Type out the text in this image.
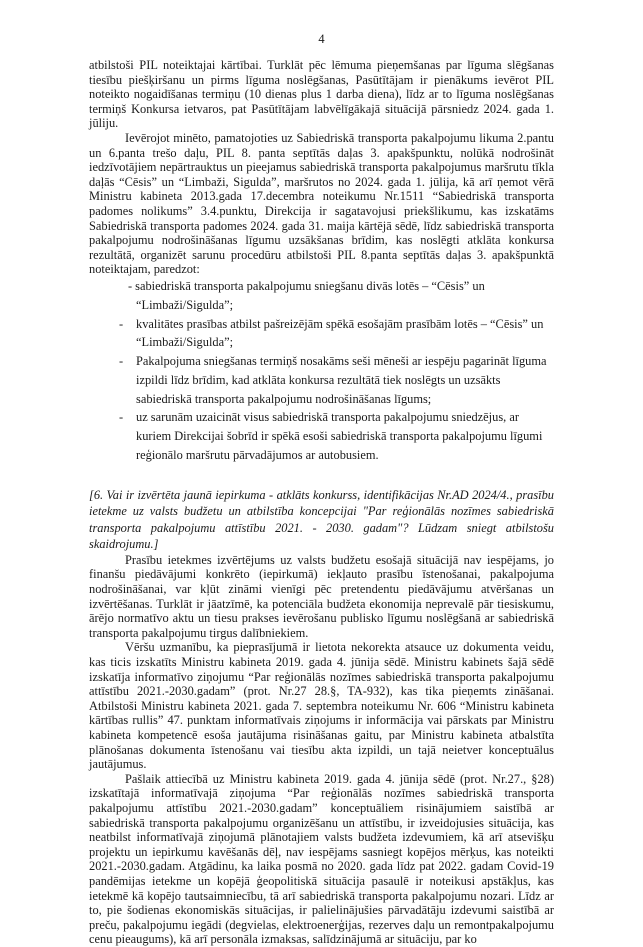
4

atbilstoši PIL noteiktajai kārtībai. Turklāt pēc lēmuma pieņemšanas par līguma slēgšanas tiesību piešķiršanu un pirms līguma noslēgšanas, Pasūtītājam ir pienākums ievērot PIL noteikto nogaidīšanas termiņu (10 dienas plus 1 darba diena), līdz ar to līguma noslēgšanas termiņš Konkursa ietvaros, pat Pasūtītājam labvēlīgākajā situācijā pārsniedz 2024. gada 1. jūliju.

Ievērojot minēto, pamatojoties uz Sabiedriskā transporta pakalpojumu likuma 2.pantu un 6.panta trešo daļu, PIL 8. panta septītās daļas 3. apakšpunktu, nolūkā nodrošināt iedzīvotājiem nepārtrauktus un pieejamus sabiedriskā transporta pakalpojumus maršrutu tīkla daļās “Cēsis” un “Limbaži, Sigulda”, maršrutos no 2024. gada 1. jūlija, kā arī ņemot vērā Ministru kabineta 2013.gada 17.decembra noteikumu Nr.1511 “Sabiedriskā transporta padomes nolikums” 3.4.punktu, Direkcija ir sagatavojusi priekšlikumu, kas izskatāms Sabiedriskā transporta padomes 2024. gada 31. maija kārtējā sēdē, līdz sabiedriskā transporta pakalpojumu nodrošināšanas līgumu uzsākšanas brīdim, kas noslēgti atklāta konkursa rezultātā, organizēt sarunu procedūru atbilstoši PIL 8.panta septītās daļas 3. apakšpunktā noteiktajam, paredzot:

- sabiedriskā transporta pakalpojumu sniegšanu divās lotēs – “Cēsis” un
“Limbaži/Sigulda”;
- kvalitātes prasības atbilst pašreizējām spēkā esošajām prasībām lotēs – “Cēsis” un “Limbaži/Sigulda”;
- Pakalpojuma sniegšanas termiņš nosakāms seši mēneši ar iespēju pagarināt līguma izpildi līdz brīdim, kad atklāta konkursa rezultātā tiek noslēgts un uzsākts sabiedriskā transporta pakalpojumu nodrošināšanas līgums;
- uz sarunām uzaicināt visus sabiedriskā transporta pakalpojumu sniedzējus, ar kuriem Direkcijai šobrīd ir spēkā esoši sabiedriskā transporta pakalpojumu līgumi reģionālo maršrutu pārvadājumos ar autobusiem.

[6. Vai ir izvērtēta jaunā iepirkuma - atklāts konkurss, identifikācijas Nr.AD 2024/4., prasību ietekme uz valsts budžetu un atbilstība koncepcijai "Par reģionālās nozīmes sabiedriskā transporta pakalpojumu attīstību 2021. - 2030. gadam"? Lūdzam sniegt atbilstošu skaidrojumu.]

Prasību ietekmes izvērtējums uz valsts budžetu esošajā situācijā nav iespējams, jo finanšu piedāvājumi konkrēto (iepirkumā) iekļauto prasību īstenošanai, pakalpojuma nodrošināšanai, var kļūt zināmi vienīgi pēc pretendentu piedāvājumu atvēršanas un izvērtēšanas. Turklāt ir jāatzīmē, ka potenciāla budžeta ekonomija neprevalē pār tiesiskumu, ārējo normatīvo aktu un tiesu prakses ievērošanu publisko līgumu noslēgšanā ar sabiedriskā transporta pakalpojumu tirgus dalībniekiem.

Vēršu uzmanību, ka pieprasījumā ir lietota nekorekta atsauce uz dokumenta veidu, kas ticis izskatīts Ministru kabineta 2019. gada 4. jūnija sēdē. Ministru kabinets šajā sēdē izskatīja informatīvo ziņojumu “Par reģionālās nozīmes sabiedriskā transporta pakalpojumu attīstību 2021.-2030.gadam” (prot. Nr.27 28.§, TA-932), kas tika pieņemts zināšanai. Atbilstoši Ministru kabineta 2021. gada 7. septembra noteikumu Nr. 606 “Ministru kabineta kārtības rullis” 47. punktam informatīvais ziņojums ir informācija vai pārskats par Ministru kabineta kompetencē esoša jautājuma risināšanas gaitu, par Ministru kabineta atbalstīta plānošanas dokumenta īstenošanu vai tiesību akta izpildi, un tajā neietver konceptuālus jautājumus.

Pašlaik attiecībā uz Ministru kabineta 2019. gada 4. jūnija sēdē (prot. Nr.27., §28) izskatītajā informatīvajā ziņojuma “Par reģionālās nozīmes sabiedriskā transporta pakalpojumu attīstību 2021.-2030.gadam” konceptuāliem risinājumiem saistībā ar sabiedriskā transporta pakalpojumu organizēšanu un attīstību, ir izveidojusies situācija, kas neatbilst informatīvajā ziņojumā plānotajiem valsts budžeta izdevumiem, kā arī atsevišķu projektu un iepirkumu kavēšanās dēļ, nav iespējams sasniegt kopējos mērķus, kas noteikti 2021.-2030.gadam. Atgādinu, ka laika posmā no 2020. gada līdz pat 2022. gadam Covid-19 pandēmijas ietekme un kopējā ģeopolitiskā situācija pasaulē ir noteikusi apstākļus, kas ietekmē kā kopējo tautsaimniecību, tā arī sabiedriskā transporta pakalpojumu nozari. Līdz ar to, pie šodienas ekonomiskās situācijas, ir palielinājušies pārvadātāju izdevumi saistībā ar preču, pakalpojumu iegādi (degvielas, elektroenerģijas, rezerves daļu un remontpakalpojumu cenu pieaugums), kā arī personāla izmaksas, salīdzinājumā ar situāciju, par ko
